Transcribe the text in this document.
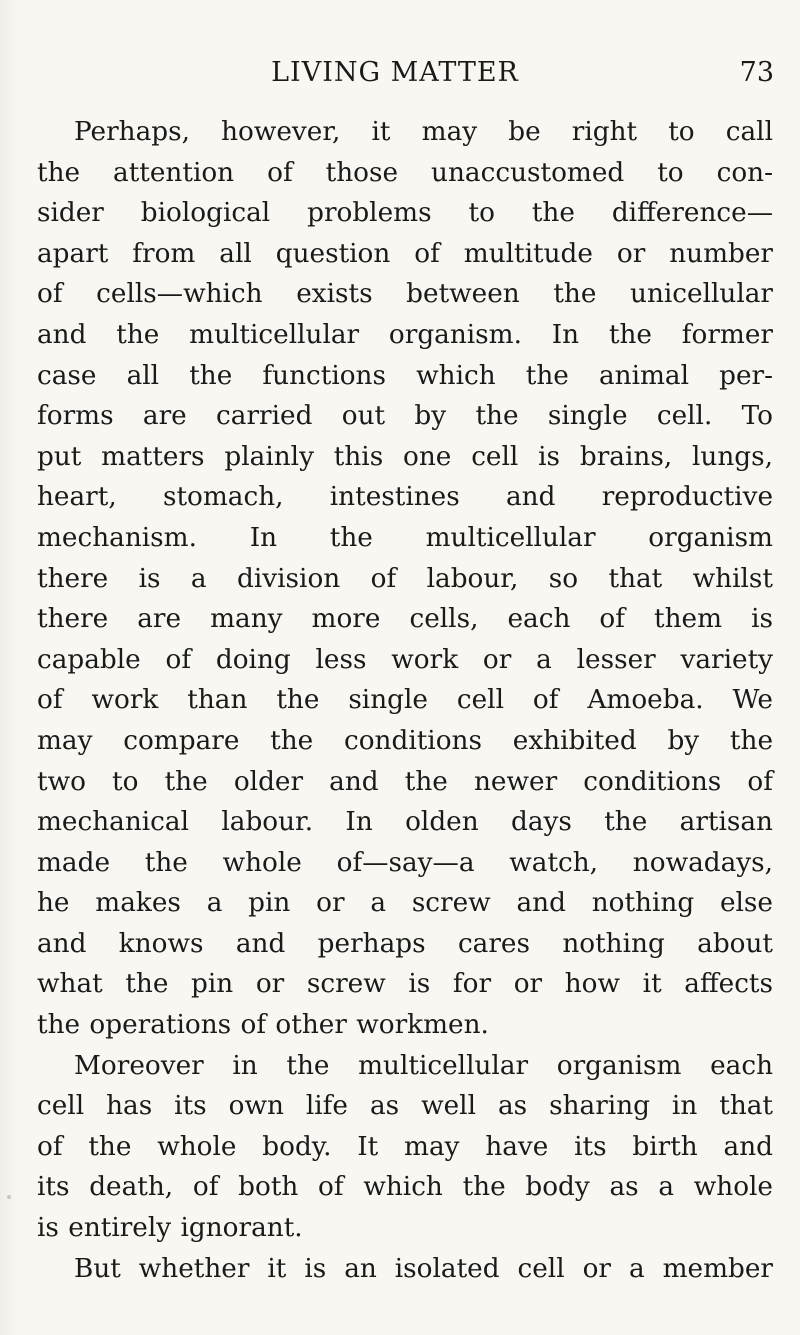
LIVING MATTER	73
Perhaps, however, it may be right to call
the attention of those unaccustomed to con-
sider biological problems to the difference—
apart from all question of multitude or number
of cells—which exists between the unicellular
and the multicellular organism. In the former
case all the functions which the animal per-
forms are carried out by the single cell. To
put matters plainly this one cell is brains, lungs,
heart, stomach, intestines and reproductive
mechanism. In the multicellular organism
there is a division of labour, so that whilst
there are many more cells, each of them is
capable of doing less work or a lesser variety
of work than the single cell of Amoeba. We
may compare the conditions exhibited by the
two to the older and the newer conditions of
mechanical labour. In olden days the artisan
made the whole of—say—a watch, nowadays,
he makes a pin or a screw and nothing else
and knows and perhaps cares nothing about
what the pin or screw is for or how it affects
the operations of other workmen.
Moreover in the multicellular organism each
cell has its own life as well as sharing in that
of the whole body. It may have its birth and
its death, of both of which the body as a whole
is entirely ignorant.
But whether it is an isolated cell or a member
